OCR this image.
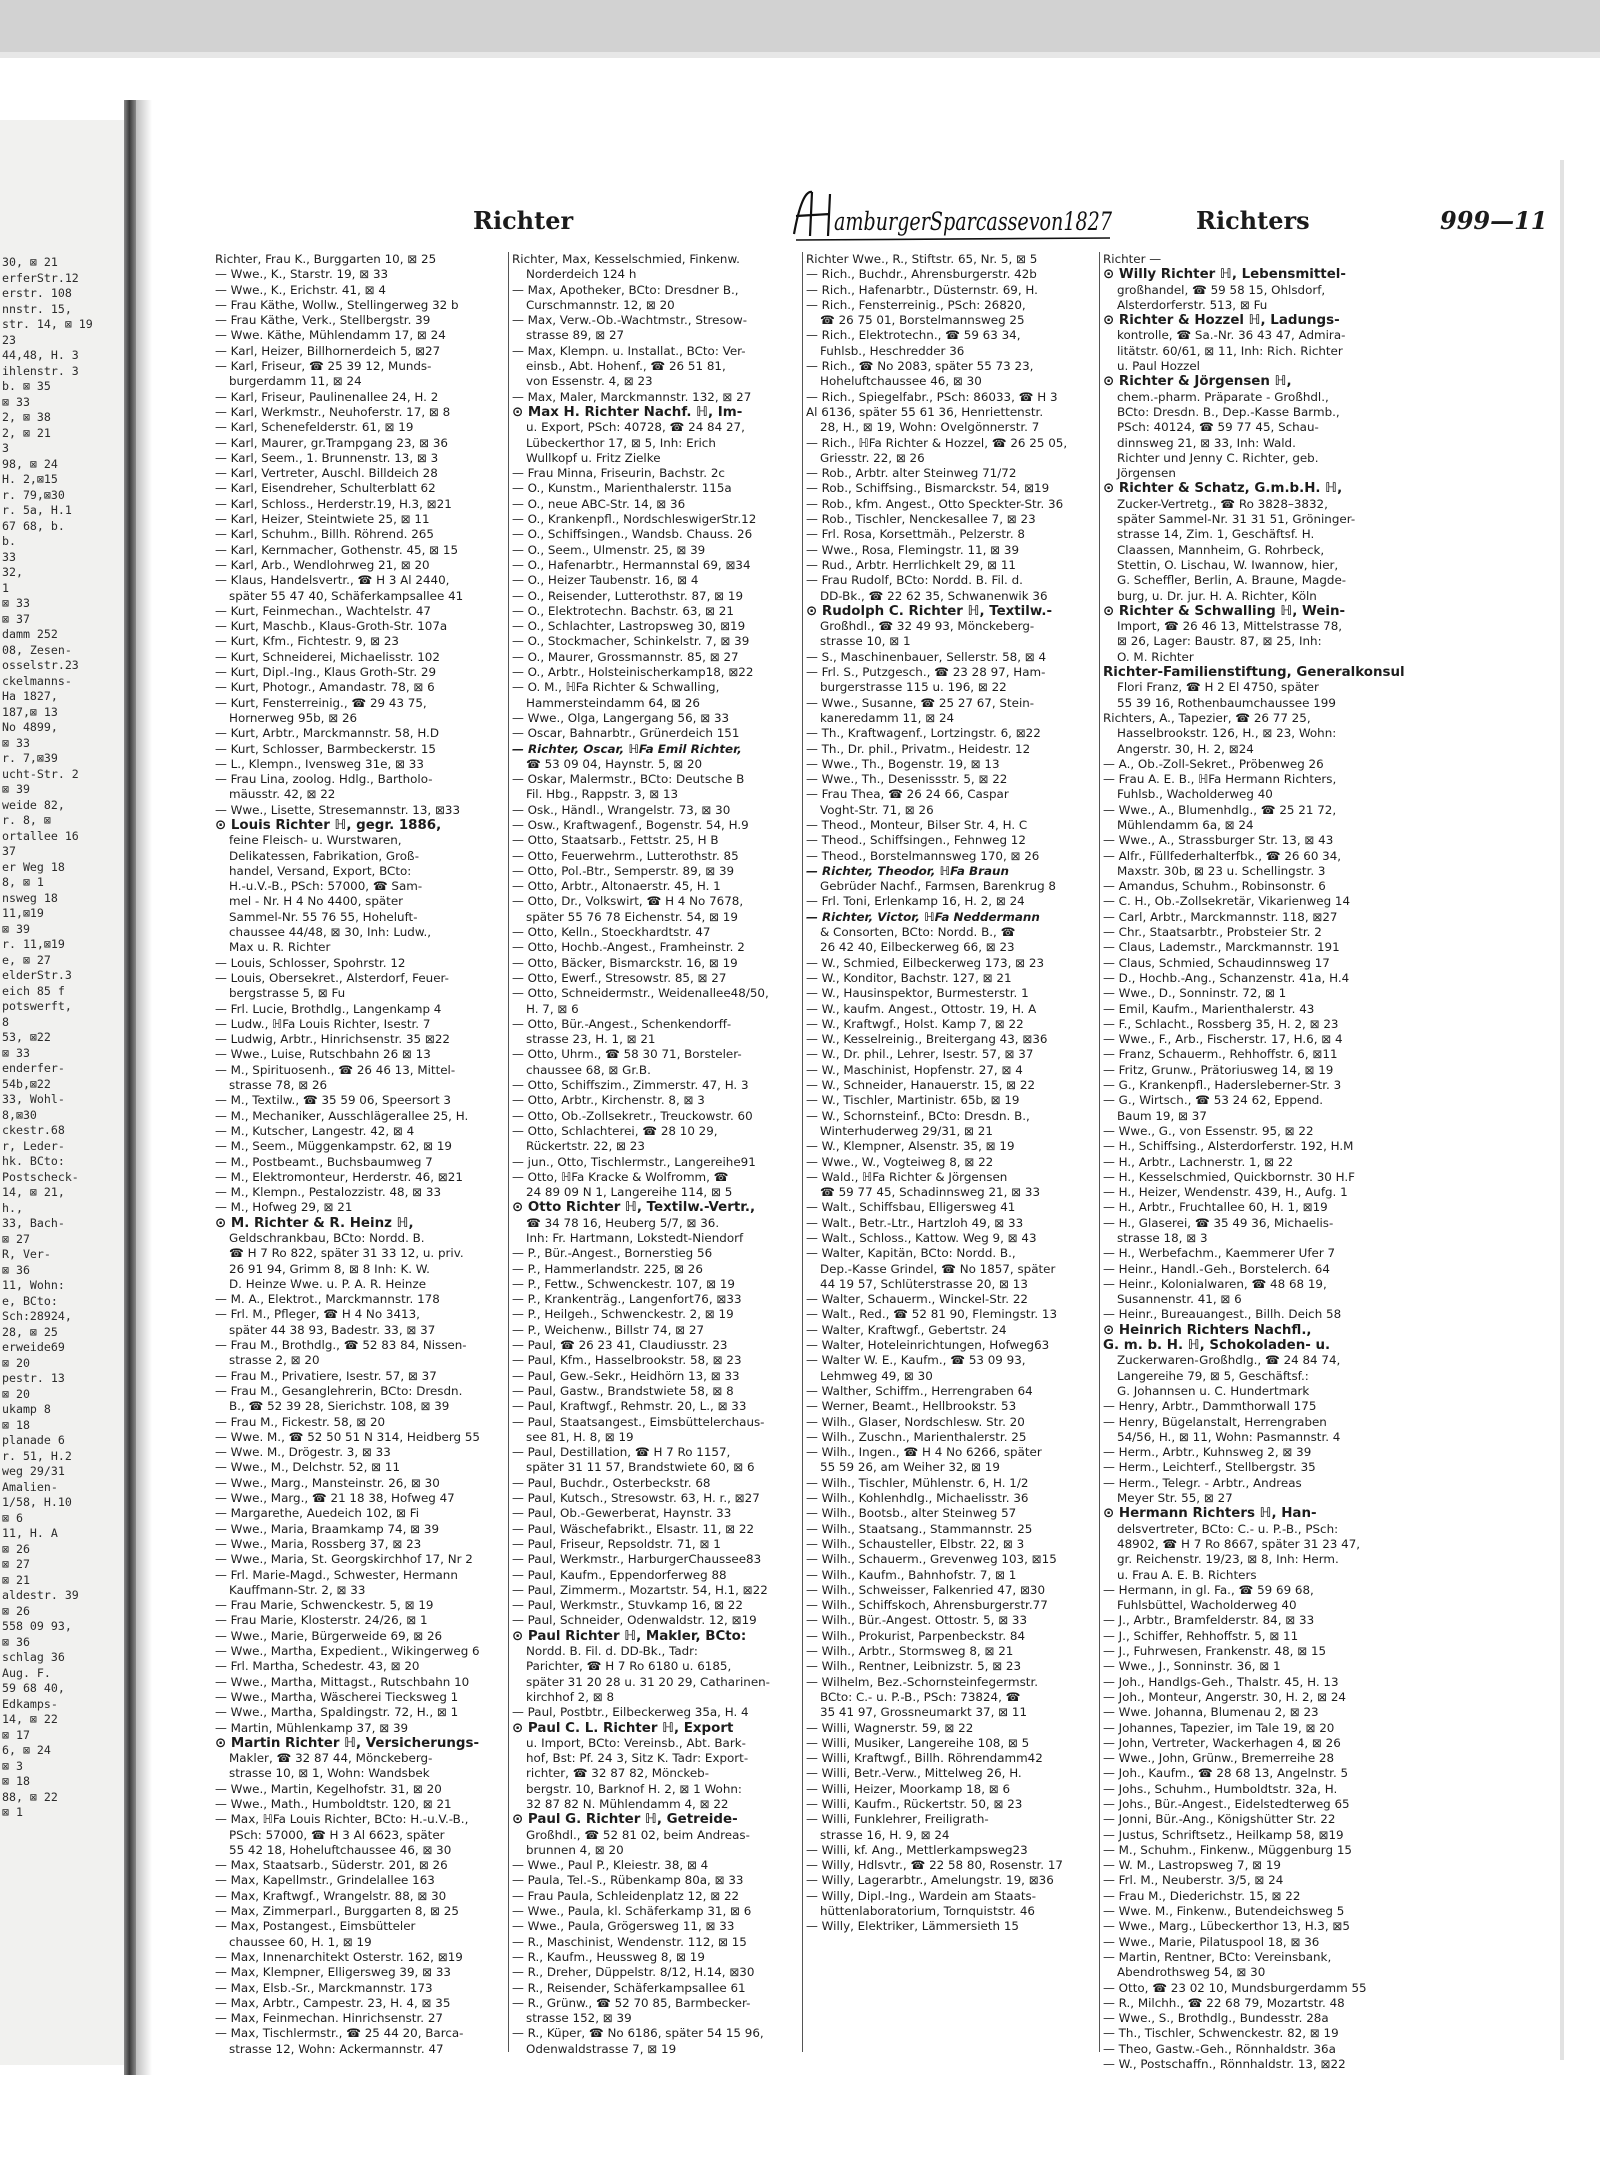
30, ⊠ 21
erferStr.12
erstr. 108
nnstr. 15,
str. 14, ⊠ 19
23
44,48, H. 3
ihlenstr. 3
b. ⊠ 35
⊠ 33
2, ⊠ 38
2, ⊠ 21
3
98, ⊠ 24
H. 2,⊠15
r. 79,⊠30
r. 5a, H.1
67 68, b.
b.
33
32,
1
⊠ 33
⊠ 37
damm 252
08, Zesen-
osselstr.23
ckelmanns-
Ha 1827,
187,⊠ 13
No 4899,
⊠ 33
r. 7,⊠39
ucht-Str. 2
⊠ 39
weide 82,
r. 8, ⊠
ortallee 16
37
er Weg 18
8, ⊠ 1
nsweg 18
11,⊠19
⊠ 39
r. 11,⊠19
e, ⊠ 27
elderStr.3
eich 85 f
potswerft,
8
53, ⊠22
⊠ 33
enderfer-
54b,⊠22
33, Wohl-
8,⊠30
ckestr.68
r, Leder-
hk. BCto:
Postscheck-
14, ⊠ 21,
h.,
33, Bach-
⊠ 27
R, Ver-
⊠ 36
11, Wohn:
e, BCto:
Sch:28924,
28, ⊠ 25
erweide69
⊠ 20
pestr. 13
⊠ 20
ukamp 8
⊠ 18
planade 6
r. 51, H.2
weg 29/31
Amalien-
1/58, H.10
⊠ 6
11, H. A
⊠ 26
⊠ 27
⊠ 21
aldestr. 39
⊠ 26
558 09 93,
⊠ 36
schlag 36
Aug. F.
59 68 40,
Edkamps-
14, ⊠ 22
⊠ 17
6, ⊠ 24
⊠ 3
⊠ 18
88, ⊠ 22
⊠ 1
Richter	amburgerSparcassevon1827	Richters	999—11
Richter, Frau K., Burggarten 10, ⊠ 25
— Wwe., K., Starstr. 19, ⊠ 33
— Wwe., K., Erichstr. 41, ⊠ 4
— Frau Käthe, Wollw., Stellingerweg 32 b
— Frau Käthe, Verk., Stellbergstr. 39
— Wwe. Käthe, Mühlendamm 17, ⊠ 24
— Karl, Heizer, Billhornerdeich 5, ⊠27
— Karl, Friseur, ☎ 25 39 12, Munds-
burgerdamm 11, ⊠ 24
— Karl, Friseur, Paulinenallee 24, H. 2
— Karl, Werkmstr., Neuhoferstr. 17, ⊠ 8
— Karl, Schenefelderstr. 61, ⊠ 19
— Karl, Maurer, gr.Trampgang 23, ⊠ 36
— Karl, Seem., 1. Brunnenstr. 13, ⊠ 3
— Karl, Vertreter, Auschl. Billdeich 28
— Karl, Eisendreher, Schulterblatt 62
— Karl, Schloss., Herderstr.19, H.3, ⊠21
— Karl, Heizer, Steintwiete 25, ⊠ 11
— Karl, Schuhm., Billh. Röhrend. 265
— Karl, Kernmacher, Gothenstr. 45, ⊠ 15
— Karl, Arb., Wendlohrweg 21, ⊠ 20
— Klaus, Handelsvertr., ☎ H 3 Al 2440,
später 55 47 40, Schäferkampsallee 41
— Kurt, Feinmechan., Wachtelstr. 47
— Kurt, Maschb., Klaus-Groth-Str. 107a
— Kurt, Kfm., Fichtestr. 9, ⊠ 23
— Kurt, Schneiderei, Michaelisstr. 102
— Kurt, Dipl.-Ing., Klaus Groth-Str. 29
— Kurt, Photogr., Amandastr. 78, ⊠ 6
— Kurt, Fensterreinig., ☎ 29 43 75,
Hornerweg 95b, ⊠ 26
— Kurt, Arbtr., Marckmannstr. 58, H.D
— Kurt, Schlosser, Barmbeckerstr. 15
— L., Klempn., Ivensweg 31e, ⊠ 33
— Frau Lina, zoolog. Hdlg., Bartholo-
mäusstr. 42, ⊠ 22
— Wwe., Lisette, Stresemannstr. 13, ⊠33
⊙ Louis Richter ℍ, gegr. 1886,
feine Fleisch- u. Wurstwaren,
Delikatessen, Fabrikation, Groß-
handel, Versand, Export, BCto:
H.-u.V.-B., PSch: 57000, ☎ Sam-
mel - Nr. H 4 No 4400, später
Sammel-Nr. 55 76 55, Hoheluft-
chaussee 44/48, ⊠ 30, Inh: Ludw.,
Max u. R. Richter
— Louis, Schlosser, Spohrstr. 12
— Louis, Obersekret., Alsterdorf, Feuer-
bergstrasse 5, ⊠ Fu
— Frl. Lucie, Brothdlg., Langenkamp 4
— Ludw., ℍFa Louis Richter, Isestr. 7
— Ludwig, Arbtr., Hinrichsenstr. 35 ⊠22
— Wwe., Luise, Rutschbahn 26 ⊠ 13
— M., Spirituosenh., ☎ 26 46 13, Mittel-
strasse 78, ⊠ 26
— M., Textilw., ☎ 35 59 06, Speersort 3
— M., Mechaniker, Ausschlägerallee 25, H.
— M., Kutscher, Langestr. 42, ⊠ 4
— M., Seem., Müggenkampstr. 62, ⊠ 19
— M., Postbeamt., Buchsbaumweg 7
— M., Elektromonteur, Herderstr. 46, ⊠21
— M., Klempn., Pestalozzistr. 48, ⊠ 33
— M., Hofweg 29, ⊠ 21
⊙ M. Richter & R. Heinz ℍ,
Geldschrankbau, BCto: Nordd. B.
☎ H 7 Ro 822, später 31 33 12, u. priv.
26 91 94, Grimm 8, ⊠ 8 Inh: K. W.
D. Heinze Wwe. u. P. A. R. Heinze
— M. A., Elektrot., Marckmannstr. 178
— Frl. M., Pfleger, ☎ H 4 No 3413,
später 44 38 93, Badestr. 33, ⊠ 37
— Frau M., Brothdlg., ☎ 52 83 84, Nissen-
strasse 2, ⊠ 20
— Frau M., Privatiere, Isestr. 57, ⊠ 37
— Frau M., Gesanglehrerin, BCto: Dresdn.
B., ☎ 52 39 28, Sierichstr. 108, ⊠ 39
— Frau M., Fickestr. 58, ⊠ 20
— Wwe. M., ☎ 52 50 51 N 314, Heidberg 55
— Wwe. M., Drögestr. 3, ⊠ 33
— Wwe., M., Delchstr. 52, ⊠ 11
— Wwe., Marg., Mansteinstr. 26, ⊠ 30
— Wwe., Marg., ☎ 21 18 38, Hofweg 47
— Margarethe, Auedeich 102, ⊠ Fi
— Wwe., Maria, Braamkamp 74, ⊠ 39
— Wwe., Maria, Rossberg 37, ⊠ 23
— Wwe., Maria, St. Georgskirchhof 17, Nr 2
— Frl. Marie-Magd., Schwester, Hermann
Kauffmann-Str. 2, ⊠ 33
— Frau Marie, Schwenckestr. 5, ⊠ 19
— Frau Marie, Klosterstr. 24/26, ⊠ 1
— Wwe., Marie, Bürgerweide 69, ⊠ 26
— Wwe., Martha, Expedient., Wikingerweg 6
— Frl. Martha, Schedestr. 43, ⊠ 20
— Wwe., Martha, Mittagst., Rutschbahn 10
— Wwe., Martha, Wäscherei Tiecksweg 1
— Wwe., Martha, Spaldingstr. 72, H., ⊠ 1
— Martin, Mühlenkamp 37, ⊠ 39
⊙ Martin Richter ℍ, Versicherungs-
Makler, ☎ 32 87 44, Mönckeberg-
strasse 10, ⊠ 1, Wohn: Wandsbek
— Wwe., Martin, Kegelhofstr. 31, ⊠ 20
— Wwe., Math., Humboldtstr. 120, ⊠ 21
— Max, ℍFa Louis Richter, BCto: H.-u.V.-B.,
PSch: 57000, ☎ H 3 Al 6623, später
55 42 18, Hoheluftchaussee 46, ⊠ 30
— Max, Staatsarb., Süderstr. 201, ⊠ 26
— Max, Kapellmstr., Grindelallee 163
— Max, Kraftwgf., Wrangelstr. 88, ⊠ 30
— Max, Zimmerparl., Burggarten 8, ⊠ 25
— Max, Postangest., Eimsbütteler
chaussee 60, H. 1, ⊠ 19
— Max, Innenarchitekt Osterstr. 162, ⊠19
— Max, Klempner, Elligersweg 39, ⊠ 33
— Max, Elsb.-Sr., Marckmannstr. 173
— Max, Arbtr., Campestr. 23, H. 4, ⊠ 35
— Max, Feinmechan. Hinrichsenstr. 27
— Max, Tischlermstr., ☎ 25 44 20, Barca-
strasse 12, Wohn: Ackermannstr. 47
Richter, Max, Kesselschmied, Finkenw.
Norderdeich 124 h
— Max, Apotheker, BCto: Dresdner B.,
Curschmannstr. 12, ⊠ 20
— Max, Verw.-Ob.-Wachtmstr., Stresow-
strasse 89, ⊠ 27
— Max, Klempn. u. Installat., BCto: Ver-
einsb., Abt. Hohenf., ☎ 26 51 81,
von Essenstr. 4, ⊠ 23
— Max, Maler, Marckmannstr. 132, ⊠ 27
⊙ Max H. Richter Nachf. ℍ, Im-
u. Export, PSch: 40728, ☎ 24 84 27,
Lübeckerthor 17, ⊠ 5, Inh: Erich
Wullkopf u. Fritz Zielke
— Frau Minna, Friseurin, Bachstr. 2c
— O., Kunstm., Marienthalerstr. 115a
— O., neue ABC-Str. 14, ⊠ 36
— O., Krankenpfl., NordschleswigerStr.12
— O., Schiffsingen., Wandsb. Chauss. 26
— O., Seem., Ulmenstr. 25, ⊠ 39
— O., Hafenarbtr., Hermannstal 69, ⊠34
— O., Heizer Taubenstr. 16, ⊠ 4
— O., Reisender, Lutterothstr. 87, ⊠ 19
— O., Elektrotechn. Bachstr. 63, ⊠ 21
— O., Schlachter, Lastropsweg 30, ⊠19
— O., Stockmacher, Schinkelstr. 7, ⊠ 39
— O., Maurer, Grossmannstr. 85, ⊠ 27
— O., Arbtr., Holsteinischerkamp18, ⊠22
— O. M., ℍFa Richter & Schwalling,
Hammersteindamm 64, ⊠ 26
— Wwe., Olga, Langergang 56, ⊠ 33
— Oscar, Bahnarbtr., Grünerdeich 151
— Richter, Oscar, ℍFa Emil Richter,
☎ 53 09 04, Haynstr. 5, ⊠ 20
— Oskar, Malermstr., BCto: Deutsche B
Fil. Hbg., Rappstr. 3, ⊠ 13
— Osk., Händl., Wrangelstr. 73, ⊠ 30
— Osw., Kraftwagenf., Bogenstr. 54, H.9
— Otto, Staatsarb., Fettstr. 25, H B
— Otto, Feuerwehrm., Lutterothstr. 85
— Otto, Pol.-Btr., Semperstr. 89, ⊠ 39
— Otto, Arbtr., Altonaerstr. 45, H. 1
— Otto, Dr., Volkswirt, ☎ H 4 No 7678,
später 55 76 78 Eichenstr. 54, ⊠ 19
— Otto, Kelln., Stoeckhardtstr. 47
— Otto, Hochb.-Angest., Framheinstr. 2
— Otto, Bäcker, Bismarckstr. 16, ⊠ 19
— Otto, Ewerf., Stresowstr. 85, ⊠ 27
— Otto, Schneidermstr., Weidenallee48/50,
H. 7, ⊠ 6
— Otto, Bür.-Angest., Schenkendorff-
strasse 23, H. 1, ⊠ 21
— Otto, Uhrm., ☎ 58 30 71, Borsteler-
chaussee 68, ⊠ Gr.B.
— Otto, Schiffszim., Zimmerstr. 47, H. 3
— Otto, Arbtr., Kirchenstr. 8, ⊠ 3
— Otto, Ob.-Zollsekretr., Treuckowstr. 60
— Otto, Schlachterei, ☎ 28 10 29,
Rückertstr. 22, ⊠ 23
— jun., Otto, Tischlermstr., Langereihe91
— Otto, ℍFa Kracke & Wolfromm, ☎
24 89 09 N 1, Langereihe 114, ⊠ 5
⊙ Otto Richter ℍ, Textilw.-Vertr.,
☎ 34 78 16, Heuberg 5/7, ⊠ 36.
Inh: Fr. Hartmann, Lokstedt-Niendorf
— P., Bür.-Angest., Bornerstieg 56
— P., Hammerlandstr. 225, ⊠ 26
— P., Fettw., Schwenckestr. 107, ⊠ 19
— P., Krankenträg., Langenfort76, ⊠33
— P., Heilgeh., Schwenckestr. 2, ⊠ 19
— P., Weichenw., Billstr 74, ⊠ 27
— Paul, ☎ 26 23 41, Claudiusstr. 23
— Paul, Kfm., Hasselbrookstr. 58, ⊠ 23
— Paul, Gew.-Sekr., Heidhörn 13, ⊠ 33
— Paul, Gastw., Brandstwiete 58, ⊠ 8
— Paul, Kraftwgf., Rehmstr. 20, L., ⊠ 33
— Paul, Staatsangest., Eimsbüttelerchaus-
see 81, H. 8, ⊠ 19
— Paul, Destillation, ☎ H 7 Ro 1157,
später 31 11 57, Brandstwiete 60, ⊠ 6
— Paul, Buchdr., Osterbeckstr. 68
— Paul, Kutsch., Stresowstr. 63, H. r., ⊠27
— Paul, Ob.-Gewerberat, Haynstr. 33
— Paul, Wäschefabrikt., Elsastr. 11, ⊠ 22
— Paul, Friseur, Repsoldstr. 71, ⊠ 1
— Paul, Werkmstr., HarburgerChaussee83
— Paul, Kaufm., Eppendorferweg 88
— Paul, Zimmerm., Mozartstr. 54, H.1, ⊠22
— Paul, Werkmstr., Stuvkamp 16, ⊠ 22
— Paul, Schneider, Odenwaldstr. 12, ⊠19
⊙ Paul Richter ℍ, Makler, BCto:
Nordd. B. Fil. d. DD-Bk., Tadr:
Parichter, ☎ H 7 Ro 6180 u. 6185,
später 31 20 28 u. 31 20 29, Catharinen-
kirchhof 2, ⊠ 8
— Paul, Postbtr., Eilbeckerweg 35a, H. 4
⊙ Paul C. L. Richter ℍ, Export
u. Import, BCto: Vereinsb., Abt. Bark-
hof, Bst: Pf. 24 3, Sitz K. Tadr: Export-
richter, ☎ 32 87 82, Mönckeb-
bergstr. 10, Barknof H. 2, ⊠ 1 Wohn:
32 87 82 N. Mühlendamm 4, ⊠ 22
⊙ Paul G. Richter ℍ, Getreide-
Großhdl., ☎ 52 81 02, beim Andreas-
brunnen 4, ⊠ 20
— Wwe., Paul P., Kleiestr. 38, ⊠ 4
— Paula, Tel.-S., Rübenkamp 80a, ⊠ 33
— Frau Paula, Schleidenplatz 12, ⊠ 22
— Wwe., Paula, kl. Schäferkamp 31, ⊠ 6
— Wwe., Paula, Grögersweg 11, ⊠ 33
— R., Maschinist, Wendenstr. 112, ⊠ 15
— R., Kaufm., Heussweg 8, ⊠ 19
— R., Dreher, Düppelstr. 8/12, H.14, ⊠30
— R., Reisender, Schäferkampsallee 61
— R., Grünw., ☎ 52 70 85, Barmbecker-
strasse 152, ⊠ 39
— R., Küper, ☎ No 6186, später 54 15 96,
Odenwaldstrasse 7, ⊠ 19
Richter Wwe., R., Stiftstr. 65, Nr. 5, ⊠ 5
— Rich., Buchdr., Ahrensburgerstr. 42b
— Rich., Hafenarbtr., Düsternstr. 69, H.
— Rich., Fensterreinig., PSch: 26820,
☎ 26 75 01, Borstelmannsweg 25
— Rich., Elektrotechn., ☎ 59 63 34,
Fuhlsb., Heschredder 36
— Rich., ☎ No 2083, später 55 73 23,
Hoheluftchaussee 46, ⊠ 30
— Rich., Spiegelfabr., PSch: 86033, ☎ H 3
Al 6136, später 55 61 36, Henriettenstr.
28, H., ⊠ 19, Wohn: Ovelgönnerstr. 7
— Rich., ℍFa Richter & Hozzel, ☎ 26 25 05,
Griesstr. 22, ⊠ 26
— Rob., Arbtr. alter Steinweg 71/72
— Rob., Schiffsing., Bismarckstr. 54, ⊠19
— Rob., kfm. Angest., Otto Speckter-Str. 36
— Rob., Tischler, Nenckesallee 7, ⊠ 23
— Frl. Rosa, Korsettmäh., Pelzerstr. 8
— Wwe., Rosa, Flemingstr. 11, ⊠ 39
— Rud., Arbtr. Herrlichkelt 29, ⊠ 11
— Frau Rudolf, BCto: Nordd. B. Fil. d.
DD-Bk., ☎ 22 62 35, Schwanenwik 36
⊙ Rudolph C. Richter ℍ, Textilw.-
Großhdl., ☎ 32 49 93, Mönckeberg-
strasse 10, ⊠ 1
— S., Maschinenbauer, Sellerstr. 58, ⊠ 4
— Frl. S., Putzgesch., ☎ 23 28 97, Ham-
burgerstrasse 115 u. 196, ⊠ 22
— Wwe., Susanne, ☎ 25 27 67, Stein-
kaneredamm 11, ⊠ 24
— Th., Kraftwagenf., Lortzingstr. 6, ⊠22
— Th., Dr. phil., Privatm., Heidestr. 12
— Wwe., Th., Bogenstr. 19, ⊠ 13
— Wwe., Th., Desenissstr. 5, ⊠ 22
— Frau Thea, ☎ 26 24 66, Caspar
Voght-Str. 71, ⊠ 26
— Theod., Monteur, Bilser Str. 4, H. C
— Theod., Schiffsingen., Fehnweg 12
— Theod., Borstelmannsweg 170, ⊠ 26
— Richter, Theodor, ℍFa Braun
Gebrüder Nachf., Farmsen, Barenkrug 8
— Frl. Toni, Erlenkamp 16, H. 2, ⊠ 24
— Richter, Victor, ℍFa Neddermann
& Consorten, BCto: Nordd. B., ☎
26 42 40, Eilbeckerweg 66, ⊠ 23
— W., Schmied, Eilbeckerweg 173, ⊠ 23
— W., Konditor, Bachstr. 127, ⊠ 21
— W., Hausinspektor, Burmesterstr. 1
— W., kaufm. Angest., Ottostr. 19, H. A
— W., Kraftwgf., Holst. Kamp 7, ⊠ 22
— W., Kesselreinig., Breitergang 43, ⊠36
— W., Dr. phil., Lehrer, Isestr. 57, ⊠ 37
— W., Maschinist, Hopfenstr. 27, ⊠ 4
— W., Schneider, Hanauerstr. 15, ⊠ 22
— W., Tischler, Martinistr. 65b, ⊠ 19
— W., Schornsteinf., BCto: Dresdn. B.,
Winterhuderweg 29/31, ⊠ 21
— W., Klempner, Alsenstr. 35, ⊠ 19
— Wwe., W., Vogteiweg 8, ⊠ 22
— Wald., ℍFa Richter & Jörgensen
☎ 59 77 45, Schadinnsweg 21, ⊠ 33
— Walt., Schiffsbau, Elligersweg 41
— Walt., Betr.-Ltr., Hartzloh 49, ⊠ 33
— Walt., Schloss., Kattow. Weg 9, ⊠ 43
— Walter, Kapitän, BCto: Nordd. B.,
Dep.-Kasse Grindel, ☎ No 1857, später
44 19 57, Schlüterstrasse 20, ⊠ 13
— Walter, Schauerm., Winckel-Str. 22
— Walt., Red., ☎ 52 81 90, Flemingstr. 13
— Walter, Kraftwgf., Gebertstr. 24
— Walter, Hoteleinrichtungen, Hofweg63
— Walter W. E., Kaufm., ☎ 53 09 93,
Lehmweg 49, ⊠ 30
— Walther, Schiffm., Herrengraben 64
— Werner, Beamt., Hellbrookstr. 53
— Wilh., Glaser, Nordschlesw. Str. 20
— Wilh., Zuschn., Marienthalerstr. 25
— Wilh., Ingen., ☎ H 4 No 6266, später
55 59 26, am Weiher 32, ⊠ 19
— Wilh., Tischler, Mühlenstr. 6, H. 1/2
— Wilh., Kohlenhdlg., Michaelisstr. 36
— Wilh., Bootsb., alter Steinweg 57
— Wilh., Staatsang., Stammannstr. 25
— Wilh., Schausteller, Elbstr. 22, ⊠ 3
— Wilh., Schauerm., Grevenweg 103, ⊠15
— Wilh., Kaufm., Bahnhofstr. 7, ⊠ 1
— Wilh., Schweisser, Falkenried 47, ⊠30
— Wilh., Schiffskoch, Ahrensburgerstr.77
— Wilh., Bür.-Angest. Ottostr. 5, ⊠ 33
— Wilh., Prokurist, Parpenbeckstr. 84
— Wilh., Arbtr., Stormsweg 8, ⊠ 21
— Wilh., Rentner, Leibnizstr. 5, ⊠ 23
— Wilhelm, Bez.-Schornsteinfegermstr.
BCto: C.- u. P.-B., PSch: 73824, ☎
35 41 97, Grossneumarkt 37, ⊠ 11
— Willi, Wagnerstr. 59, ⊠ 22
— Willi, Musiker, Langereihe 108, ⊠ 5
— Willi, Kraftwgf., Billh. Röhrendamm42
— Willi, Betr.-Verw., Mittelweg 26, H.
— Willi, Heizer, Moorkamp 18, ⊠ 6
— Willi, Kaufm., Rückertstr. 50, ⊠ 23
— Willi, Funklehrer, Freiligrath-
strasse 16, H. 9, ⊠ 24
— Willi, kf. Ang., Mettlerkampsweg23
— Willy, Hdlsvtr., ☎ 22 58 80, Rosenstr. 17
— Willy, Lagerarbtr., Amelungstr. 19, ⊠36
— Willy, Dipl.-Ing., Wardein am Staats-
hüttenlaboratorium, Tornquiststr. 46
— Willy, Elektriker, Lämmersieth 15
Richter —
⊙ Willy Richter ℍ, Lebensmittel-
großhandel, ☎ 59 58 15, Ohlsdorf,
Alsterdorferstr. 513, ⊠ Fu
⊙ Richter & Hozzel ℍ, Ladungs-
kontrolle, ☎ Sa.-Nr. 36 43 47, Admira-
litätstr. 60/61, ⊠ 11, Inh: Rich. Richter
u. Paul Hozzel
⊙ Richter & Jörgensen ℍ,
chem.-pharm. Präparate - Großhdl.,
BCto: Dresdn. B., Dep.-Kasse Barmb.,
PSch: 40124, ☎ 59 77 45, Schau-
dinnsweg 21, ⊠ 33, Inh: Wald.
Richter und Jenny C. Richter, geb.
Jörgensen
⊙ Richter & Schatz, G.m.b.H. ℍ,
Zucker-Vertretg., ☎ Ro 3828–3832,
später Sammel-Nr. 31 31 51, Gröninger-
strasse 14, Zim. 1, Geschäftsf. H.
Claassen, Mannheim, G. Rohrbeck,
Stettin, O. Lischau, W. Iwannow, hier,
G. Scheffler, Berlin, A. Braune, Magde-
burg, u. Dr. jur. H. A. Richter, Köln
⊙ Richter & Schwalling ℍ, Wein-
Import, ☎ 26 46 13, Mittelstrasse 78,
⊠ 26, Lager: Baustr. 87, ⊠ 25, Inh:
O. M. Richter
Richter-Familienstiftung, Generalkonsul
Flori Franz, ☎ H 2 El 4750, später
55 39 16, Rothenbaumchaussee 199
Richters, A., Tapezier, ☎ 26 77 25,
Hasselbrookstr. 126, H., ⊠ 23, Wohn:
Angerstr. 30, H. 2, ⊠24
— A., Ob.-Zoll-Sekret., Pröbenweg 26
— Frau A. E. B., ℍFa Hermann Richters,
Fuhlsb., Wacholderweg 40
— Wwe., A., Blumenhdlg., ☎ 25 21 72,
Mühlendamm 6a, ⊠ 24
— Wwe., A., Strassburger Str. 13, ⊠ 43
— Alfr., Füllfederhalterfbk., ☎ 26 60 34,
Maxstr. 30b, ⊠ 23 u. Schellingstr. 3
— Amandus, Schuhm., Robinsonstr. 6
— C. H., Ob.-Zollsekretär, Vikarienweg 14
— Carl, Arbtr., Marckmannstr. 118, ⊠27
— Chr., Staatsarbtr., Probsteier Str. 2
— Claus, Lademstr., Marckmannstr. 191
— Claus, Schmied, Schaudinnsweg 17
— D., Hochb.-Ang., Schanzenstr. 41a, H.4
— Wwe., D., Sonninstr. 72, ⊠ 1
— Emil, Kaufm., Marienthalerstr. 43
— F., Schlacht., Rossberg 35, H. 2, ⊠ 23
— Wwe., F., Arb., Fischerstr. 17, H.6, ⊠ 4
— Franz, Schauerm., Rehhoffstr. 6, ⊠11
— Fritz, Grunw., Prätoriusweg 14, ⊠ 19
— G., Krankenpfl., Hadersleberner-Str. 3
— G., Wirtsch., ☎ 53 24 62, Eppend.
Baum 19, ⊠ 37
— Wwe., G., von Essenstr. 95, ⊠ 22
— H., Schiffsing., Alsterdorferstr. 192, H.M
— H., Arbtr., Lachnerstr. 1, ⊠ 22
— H., Kesselschmied, Quickbornstr. 30 H.F
— H., Heizer, Wendenstr. 439, H., Aufg. 1
— H., Arbtr., Fruchtallee 60, H. 1, ⊠19
— H., Glaserei, ☎ 35 49 36, Michaelis-
strasse 18, ⊠ 3
— H., Werbefachm., Kaemmerer Ufer 7
— Heinr., Handl.-Geh., Borstelerch. 64
— Heinr., Kolonialwaren, ☎ 48 68 19,
Susannenstr. 41, ⊠ 6
— Heinr., Bureauangest., Billh. Deich 58
⊙ Heinrich Richters Nachfl.,
G. m. b. H. ℍ, Schokoladen- u.
Zuckerwaren-Großhdlg., ☎ 24 84 74,
Langereihe 79, ⊠ 5, Geschäftsf.:
G. Johannsen u. C. Hundertmark
— Henry, Arbtr., Dammthorwall 175
— Henry, Bügelanstalt, Herrengraben
54/56, H., ⊠ 11, Wohn: Pasmannstr. 4
— Herm., Arbtr., Kuhnsweg 2, ⊠ 39
— Herm., Leichterf., Stellbergstr. 35
— Herm., Telegr. - Arbtr., Andreas
Meyer Str. 55, ⊠ 27
⊙ Hermann Richters ℍ, Han-
delsvertreter, BCto: C.- u. P.-B., PSch:
48902, ☎ H 7 Ro 8667, später 31 23 47,
gr. Reichenstr. 19/23, ⊠ 8, Inh: Herm.
u. Frau A. E. B. Richters
— Hermann, in gl. Fa., ☎ 59 69 68,
Fuhlsbüttel, Wacholderweg 40
— J., Arbtr., Bramfelderstr. 84, ⊠ 33
— J., Schiffer, Rehhoffstr. 5, ⊠ 11
— J., Fuhrwesen, Frankenstr. 48, ⊠ 15
— Wwe., J., Sonninstr. 36, ⊠ 1
— Joh., Handlgs-Geh., Thalstr. 45, H. 13
— Joh., Monteur, Angerstr. 30, H. 2, ⊠ 24
— Wwe. Johanna, Blumenau 2, ⊠ 23
— Johannes, Tapezier, im Tale 19, ⊠ 20
— John, Vertreter, Wackerhagen 4, ⊠ 26
— Wwe., John, Grünw., Bremerreihe 28
— Joh., Kaufm., ☎ 28 68 13, Angelnstr. 5
— Johs., Schuhm., Humboldtstr. 32a, H.
— Johs., Bür.-Angest., Eidelstedterweg 65
— Jonni, Bür.-Ang., Königshütter Str. 22
— Justus, Schriftsetz., Heilkamp 58, ⊠19
— M., Schuhm., Finkenw., Müggenburg 15
— W. M., Lastropsweg 7, ⊠ 19
— Frl. M., Neuberstr. 3/5, ⊠ 24
— Frau M., Diederichstr. 15, ⊠ 22
— Wwe. M., Finkenw., Butendeichsweg 5
— Wwe., Marg., Lübeckerthor 13, H.3, ⊠5
— Wwe., Marie, Pilatuspool 18, ⊠ 36
— Martin, Rentner, BCto: Vereinsbank,
Abendrothsweg 54, ⊠ 30
— Otto, ☎ 23 02 10, Mundsburgerdamm 55
— R., Milchh., ☎ 22 68 79, Mozartstr. 48
— Wwe., S., Brothdlg., Bundesstr. 28a
— Th., Tischler, Schwenckestr. 82, ⊠ 19
— Theo, Gastw.-Geh., Rönnhaldstr. 36a
— W., Postschaffn., Rönnhaldstr. 13, ⊠22
